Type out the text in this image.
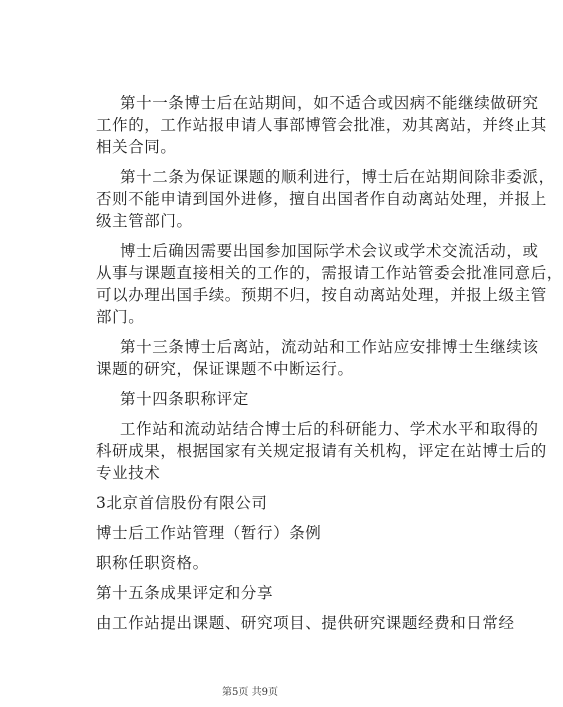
第十一条博士后在站期间，如不适合或因病不能继续做研究
工作的，工作站报申请人事部博管会批准，劝其离站，并终止其
相关合同。
第十二条为保证课题的顺利进行，博士后在站期间除非委派，
否则不能申请到国外进修，擅自出国者作自动离站处理，并报上
级主管部门。
博士后确因需要出国参加国际学术会议或学术交流活动，或
从事与课题直接相关的工作的，需报请工作站管委会批准同意后，
可以办理出国手续。预期不归，按自动离站处理，并报上级主管
部门。
第十三条博士后离站，流动站和工作站应安排博士生继续该
课题的研究，保证课题不中断运行。
第十四条职称评定
工作站和流动站结合博士后的科研能力、学术水平和取得的
科研成果，根据国家有关规定报请有关机构，评定在站博士后的
专业技术
3北京首信股份有限公司
博士后工作站管理（暂行）条例
职称任职资格。
第十五条成果评定和分享
由工作站提出课题、研究项目、提供研究课题经费和日常经
第5页 共9页
